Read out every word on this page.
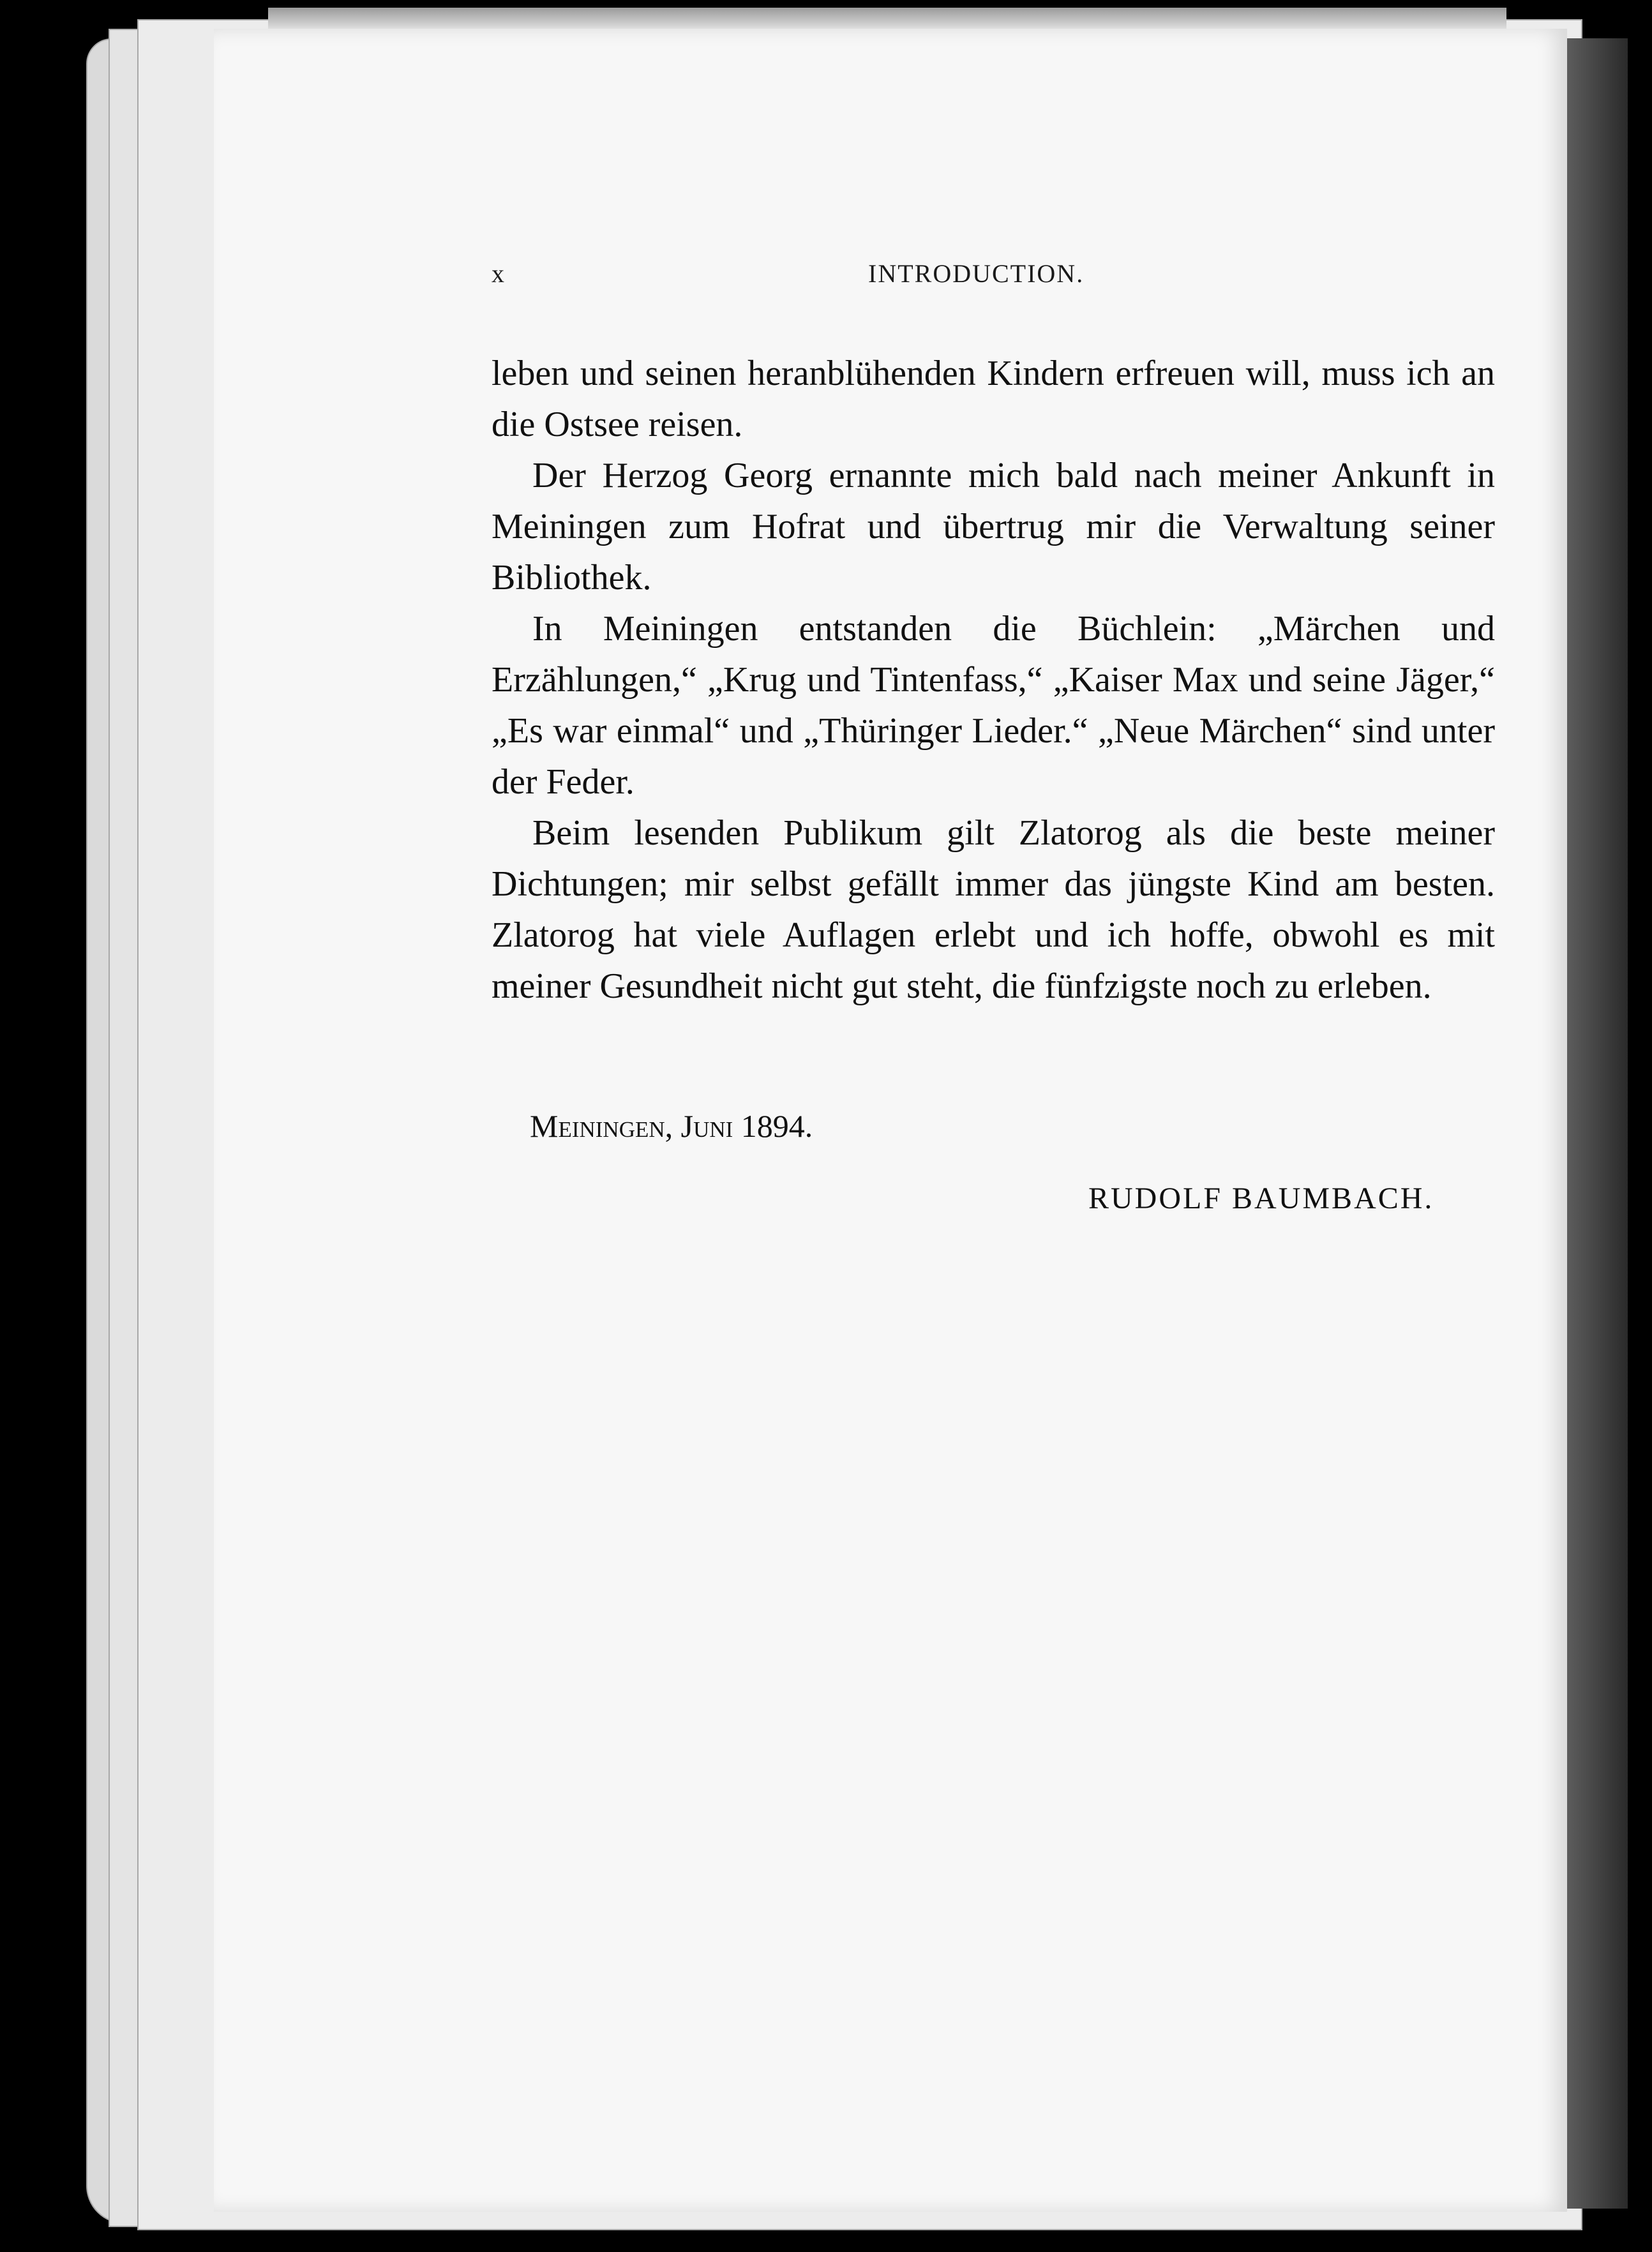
x	INTRODUCTION.

leben und seinen heranblühenden Kindern erfreuen will, muss ich an die Ostsee reisen.

Der Herzog Georg ernannte mich bald nach meiner Ankunft in Meiningen zum Hofrat und übertrug mir die Verwaltung seiner Bibliothek.

In Meiningen entstanden die Büchlein: „Märchen und Erzählungen,“ „Krug und Tintenfass,“ „Kaiser Max und seine Jäger,“ „Es war einmal“ und „Thüringer Lieder.“ „Neue Märchen“ sind unter der Feder.

Beim lesenden Publikum gilt Zlatorog als die beste meiner Dichtungen; mir selbst gefällt immer das jüngste Kind am besten. Zlatorog hat viele Auflagen erlebt und ich hoffe, obwohl es mit meiner Gesundheit nicht gut steht, die fünfzigste noch zu erleben.

Meiningen, Juni 1894.
RUDOLF BAUMBACH.
